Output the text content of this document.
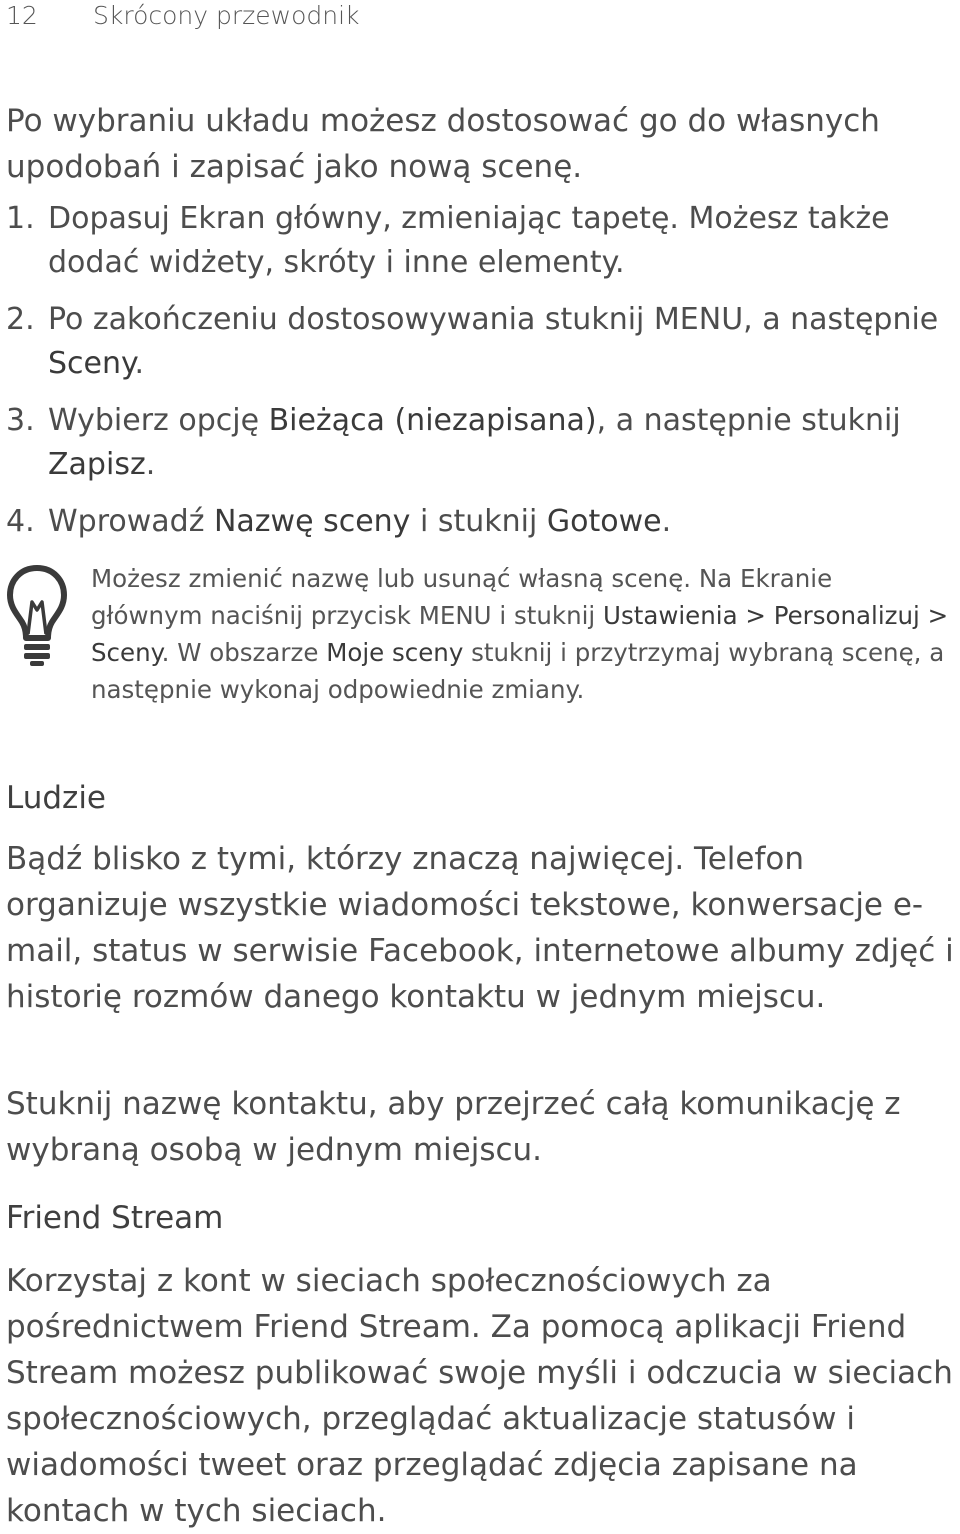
12 Skrócony przewodnik

Po wybraniu układu możesz dostosować go do własnych upodobań i zapisać jako nową scenę.

1. Dopasuj Ekran główny, zmieniając tapetę. Możesz także dodać widżety, skróty i inne elementy.
2. Po zakończeniu dostosowywania stuknij MENU, a następnie Sceny.
3. Wybierz opcję Bieżąca (niezapisana), a następnie stuknij Zapisz.
4. Wprowadź Nazwę sceny i stuknij Gotowe.

Możesz zmienić nazwę lub usunąć własną scenę. Na Ekranie głównym naciśnij przycisk MENU i stuknij Ustawienia > Personalizuj > Sceny. W obszarze Moje sceny stuknij i przytrzymaj wybraną scenę, a następnie wykonaj odpowiednie zmiany.

Ludzie

Bądź blisko z tymi, którzy znaczą najwięcej. Telefon organizuje wszystkie wiadomości tekstowe, konwersacje e-mail, status w serwisie Facebook, internetowe albumy zdjęć i historię rozmów danego kontaktu w jednym miejscu.

Stuknij nazwę kontaktu, aby przejrzeć całą komunikację z wybraną osobą w jednym miejscu.

Friend Stream

Korzystaj z kont w sieciach społecznościowych za pośrednictwem Friend Stream. Za pomocą aplikacji Friend Stream możesz publikować swoje myśli i odczucia w sieciach społecznościowych, przeglądać aktualizacje statusów i wiadomości tweet oraz przeglądać zdjęcia zapisane na kontach w tych sieciach.
